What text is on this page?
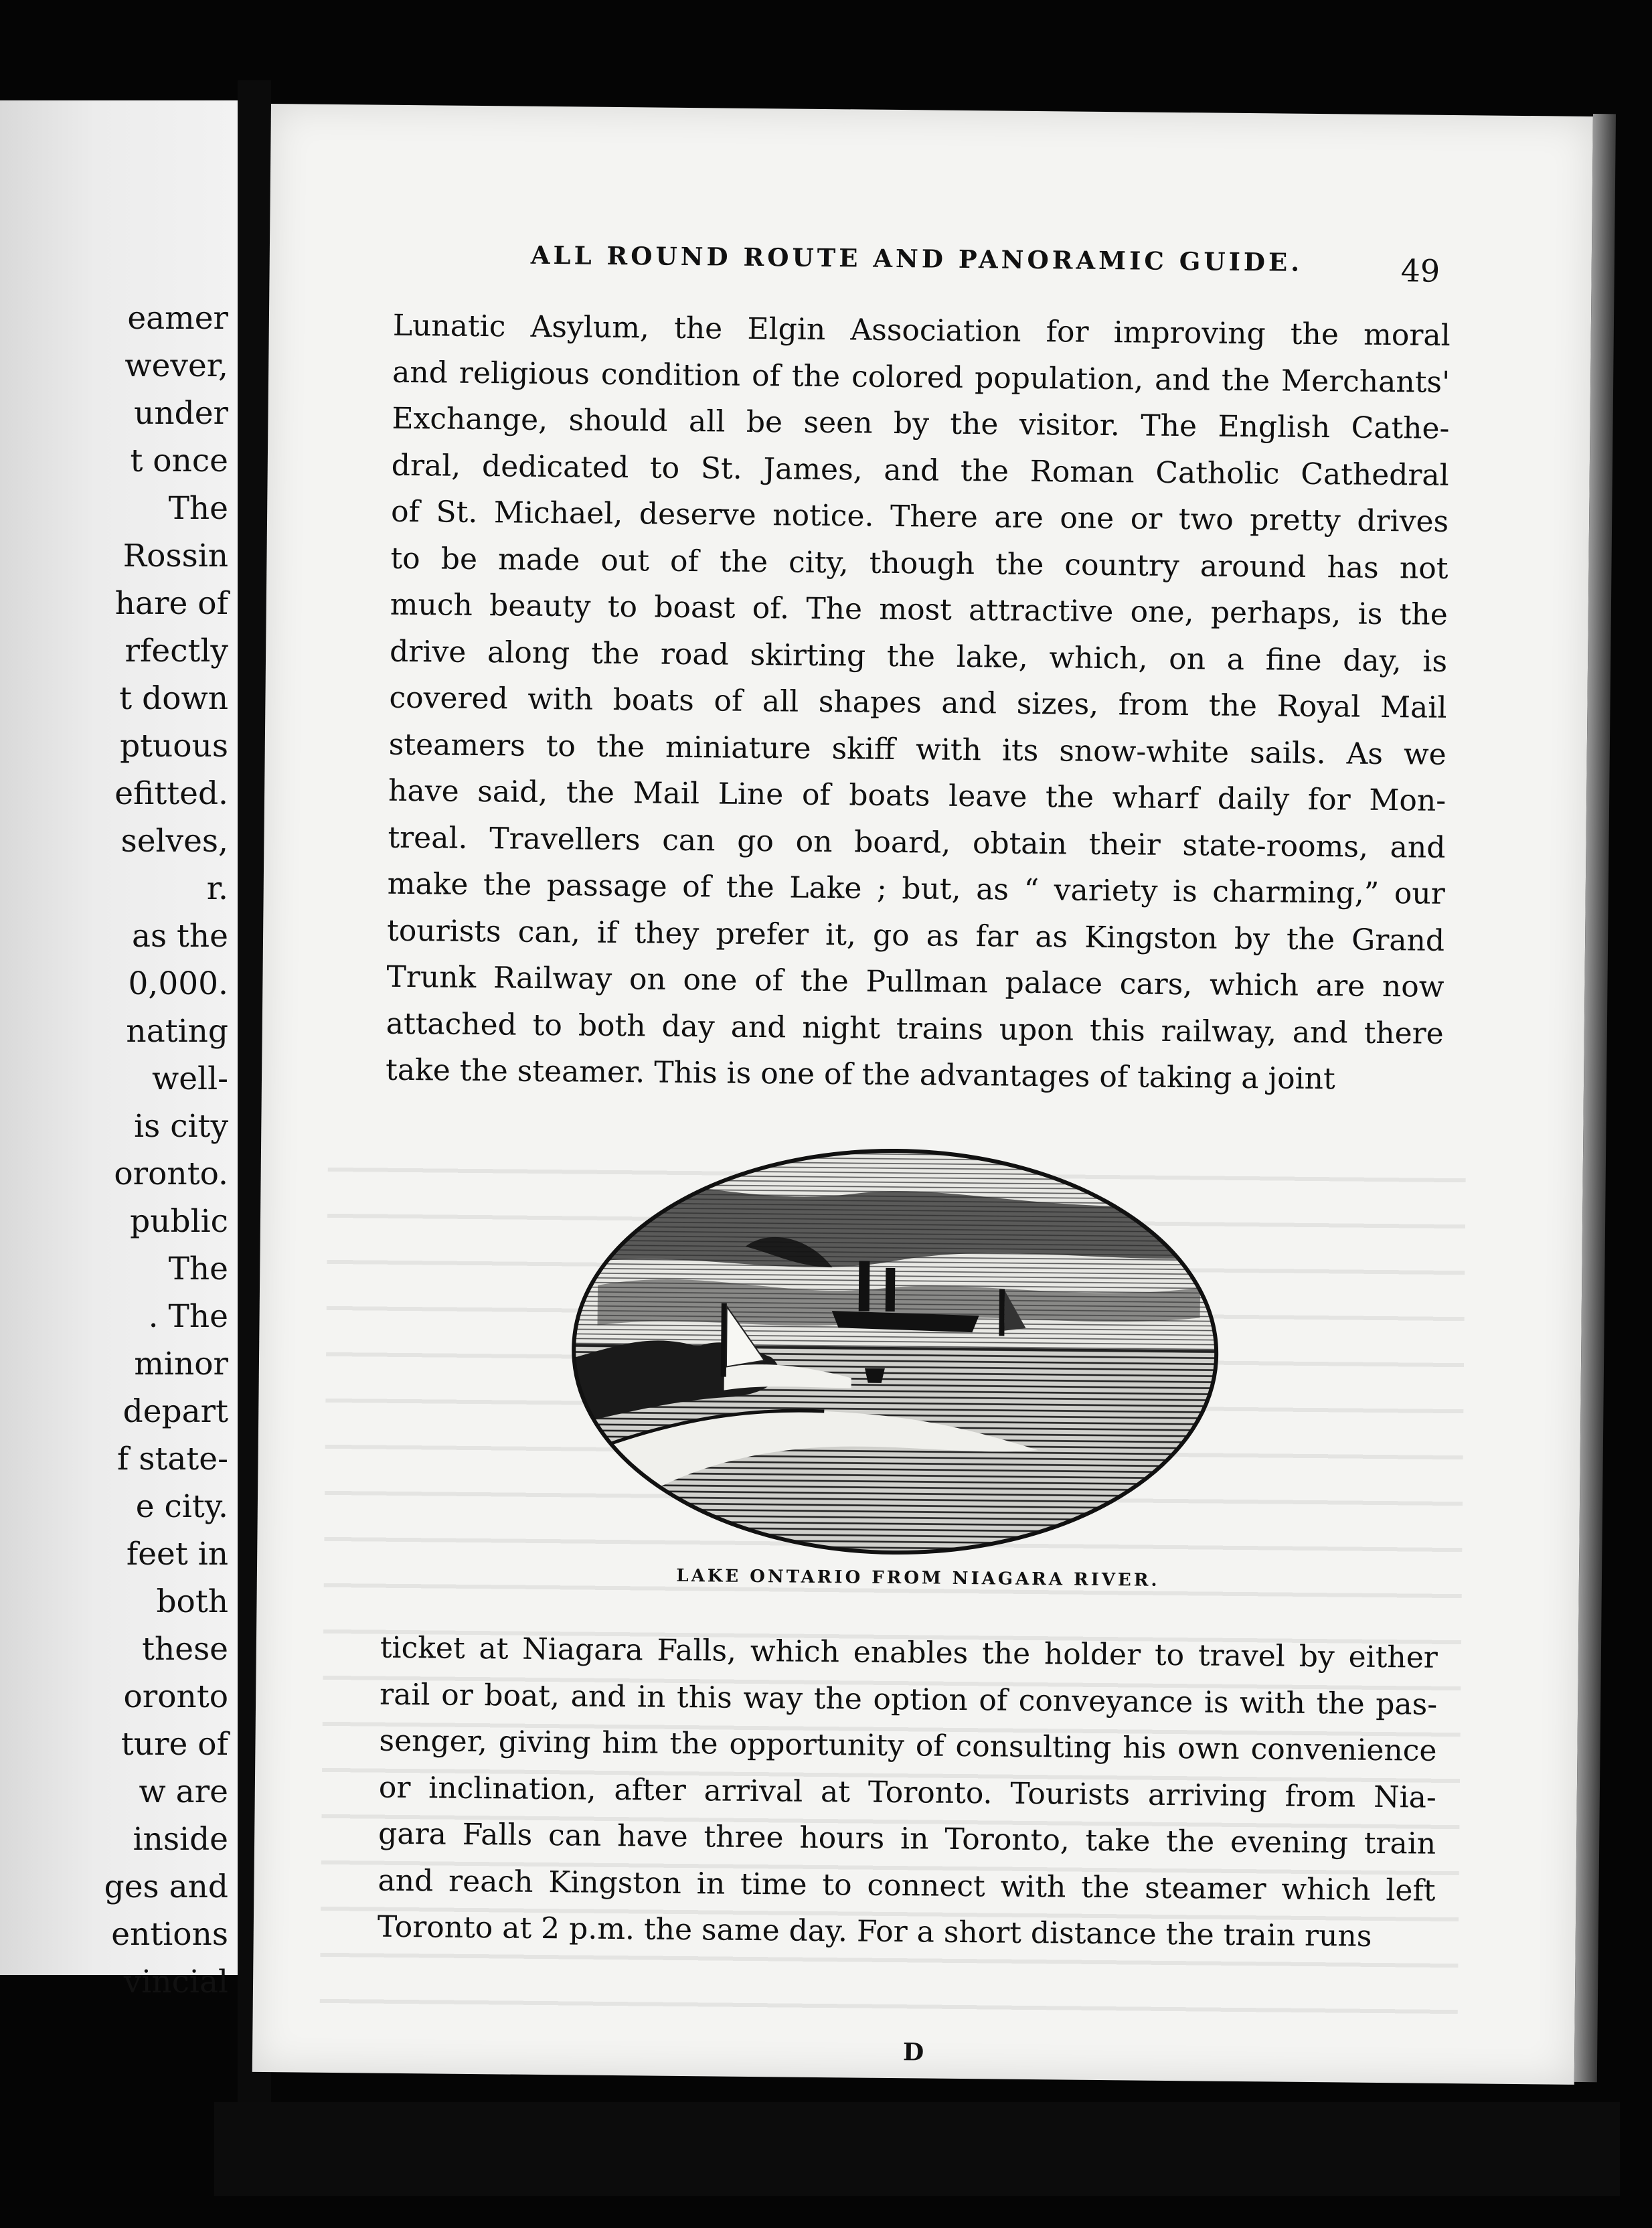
eamer
wever,
under
t once
The
Rossin
hare of
rfectly
t down
ptuous
efitted.
selves,
r.
as the
0,000.
nating
well-
is city
oronto.
public
The
. The
minor
depart
f state-
e city.
feet in
both
these
oronto
ture of
w are
inside
ges and
entions
vincial
ALL ROUND ROUTE AND PANORAMIC GUIDE.	49
Lunatic Asylum, the Elgin Association for improving the moral
and religious condition of the colored population, and the Merchants'
Exchange, should all be seen by the visitor. The English Cathe-
dral, dedicated to St. James, and the Roman Catholic Cathedral
of St. Michael, deserve notice. There are one or two pretty drives
to be made out of the city, though the country around has not
much beauty to boast of. The most attractive one, perhaps, is the
drive along the road skirting the lake, which, on a fine day, is
covered with boats of all shapes and sizes, from the Royal Mail
steamers to the miniature skiff with its snow-white sails. As we
have said, the Mail Line of boats leave the wharf daily for Mon-
treal. Travellers can go on board, obtain their state-rooms, and
make the passage of the Lake ; but, as “ variety is charming,” our
tourists can, if they prefer it, go as far as Kingston by the Grand
Trunk Railway on one of the Pullman palace cars, which are now
attached to both day and night trains upon this railway, and there
take the steamer. This is one of the advantages of taking a joint
LAKE ONTARIO FROM NIAGARA RIVER.
ticket at Niagara Falls, which enables the holder to travel by either
rail or boat, and in this way the option of conveyance is with the pas-
senger, giving him the opportunity of consulting his own convenience
or inclination, after arrival at Toronto. Tourists arriving from Nia-
gara Falls can have three hours in Toronto, take the evening train
and reach Kingston in time to connect with the steamer which left
Toronto at 2 p.m. the same day. For a short distance the train runs
D
